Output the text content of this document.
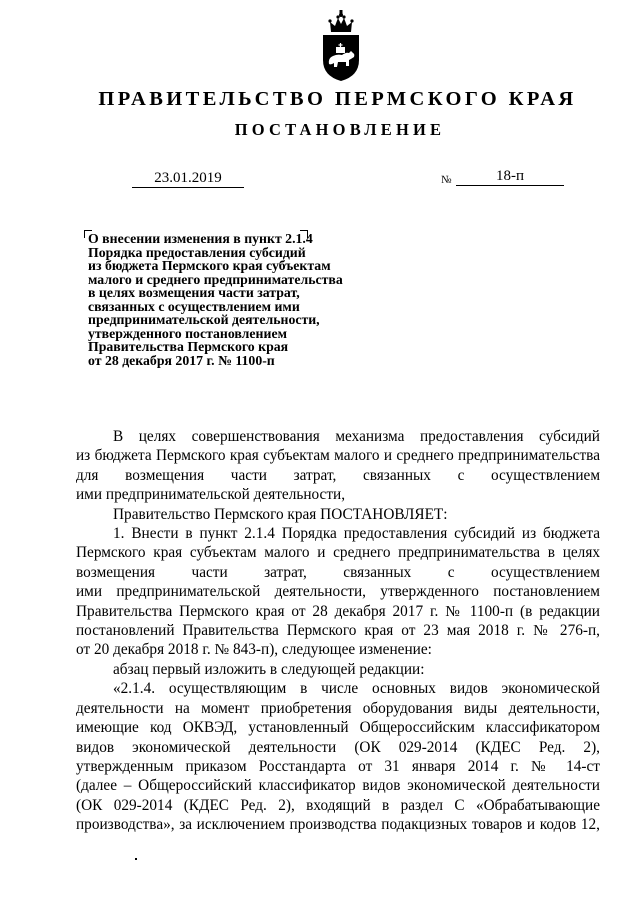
ПРАВИТЕЛЬСТВО ПЕРМСКОГО КРАЯ
ПОСТАНОВЛЕНИЕ
23.01.2019	№	18-п
О внесении изменения в пункт 2.1.4
Порядка предоставления субсидий
из бюджета Пермского края субъектам
малого и среднего предпринимательства
в целях возмещения части затрат,
связанных с осуществлением ими
предпринимательской деятельности,
утвержденного постановлением
Правительства Пермского края
от 28 декабря 2017 г. № 1100-п
В целях совершенствования механизма предоставления субсидий
из бюджета Пермского края субъектам малого и среднего предпринимательства
для возмещения части затрат, связанных с осуществлением
ими предпринимательской деятельности,
Правительство Пермского края ПОСТАНОВЛЯЕТ:
1. Внести в пункт 2.1.4 Порядка предоставления субсидий из бюджета
Пермского края субъектам малого и среднего предпринимательства в целях
возмещения части затрат, связанных с осуществлением
ими предпринимательской деятельности, утвержденного постановлением
Правительства Пермского края от 28 декабря 2017 г. № 1100-п (в редакции
постановлений Правительства Пермского края от 23 мая 2018 г. № 276-п,
от 20 декабря 2018 г. № 843-п), следующее изменение:
абзац первый изложить в следующей редакции:
«2.1.4. осуществляющим в числе основных видов экономической
деятельности на момент приобретения оборудования виды деятельности,
имеющие код ОКВЭД, установленный Общероссийским классификатором
видов экономической деятельности (ОК 029-2014 (КДЕС Ред. 2),
утвержденным приказом Росстандарта от 31 января 2014 г. № 14-ст
(далее – Общероссийский классификатор видов экономической деятельности
(ОК 029-2014 (КДЕС Ред. 2), входящий в раздел С «Обрабатывающие
производства», за исключением производства подакцизных товаров и кодов 12,
